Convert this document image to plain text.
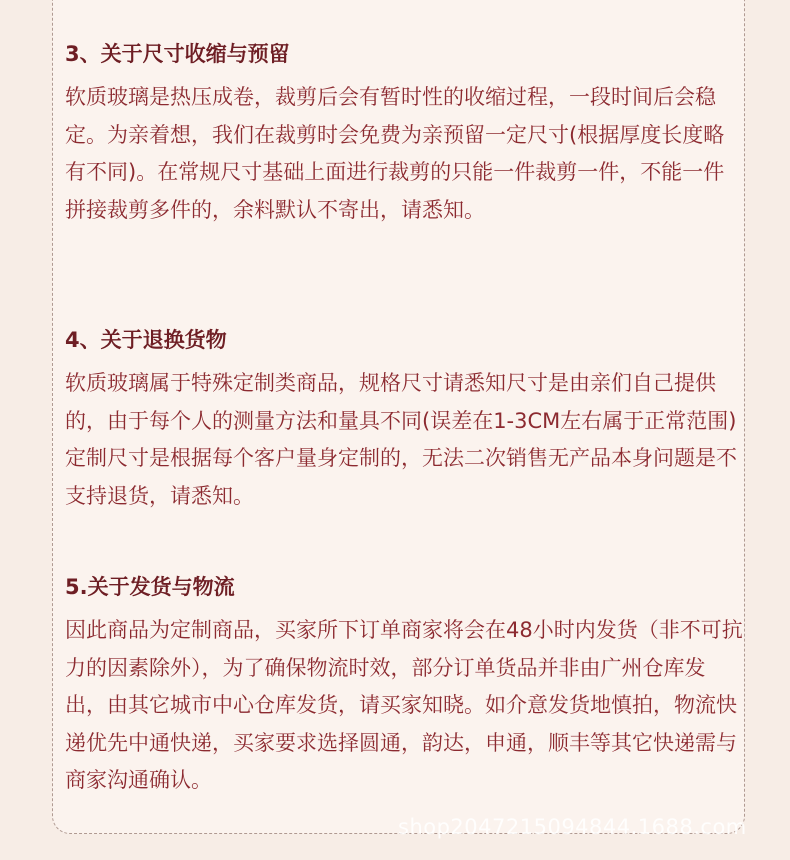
3、关于尺寸收缩与预留

软质玻璃是热压成卷，裁剪后会有暂时性的收缩过程，一段时间后会稳定。为亲着想，我们在裁剪时会免费为亲预留一定尺寸(根据厚度长度略有不同)。在常规尺寸基础上面进行裁剪的只能一件裁剪一件，不能一件拼接裁剪多件的，余料默认不寄出，请悉知。

4、关于退换货物

软质玻璃属于特殊定制类商品，规格尺寸请悉知尺寸是由亲们自己提供的，由于每个人的测量方法和量具不同(误差在1-3CM左右属于正常范围)定制尺寸是根据每个客户量身定制的，无法二次销售无产品本身问题是不支持退货，请悉知。

5.关于发货与物流

因此商品为定制商品，买家所下订单商家将会在48小时内发货（非不可抗力的因素除外），为了确保物流时效，部分订单货品并非由广州仓库发出，由其它城市中心仓库发货，请买家知晓。如介意发货地慎拍，物流快递优先中通快递，买家要求选择圆通，韵达，申通，顺丰等其它快递需与商家沟通确认。

shop2047215094844.1688.com
